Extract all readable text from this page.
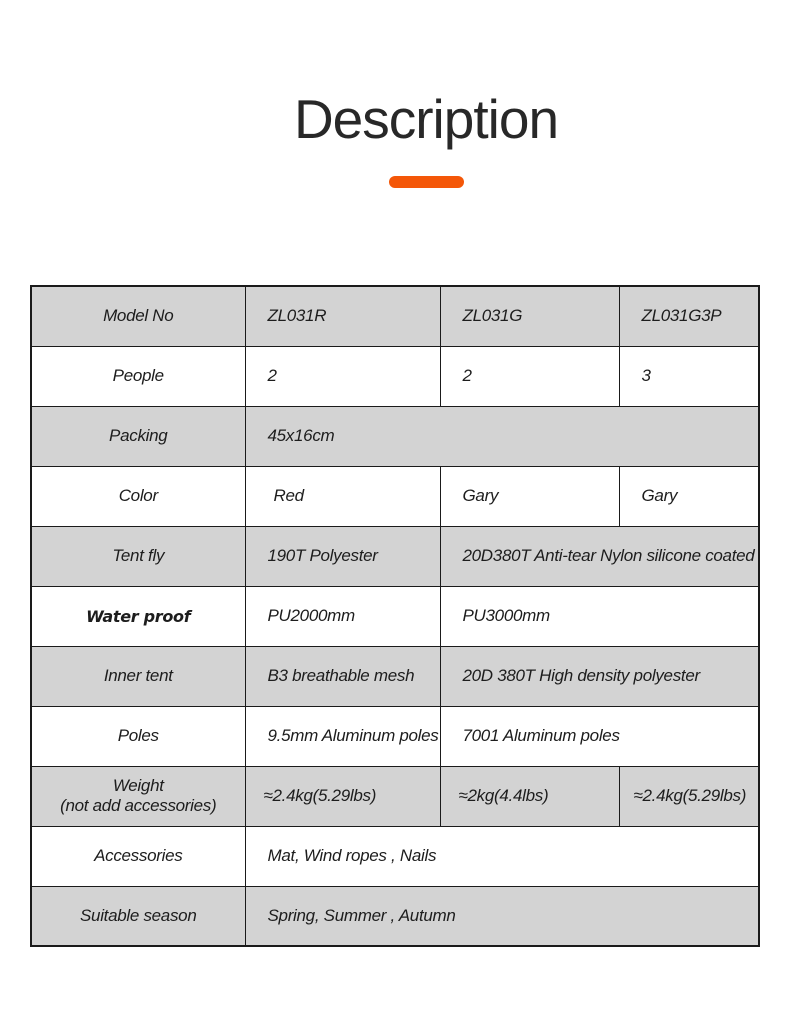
Description
Model No	ZL031R	ZL031G	ZL031G3P
People	2	2	3
Packing	45x16cm		
Color	Red	Gary	Gary
Tent fly	190T Polyester	20D380T Anti-tear Nylon silicone coated	
Water proof	PU2000mm	PU3000mm	
Inner tent	B3 breathable mesh	20D 380T High density polyester	
Poles	9.5mm Aluminum poles	7001 Aluminum poles	

Weight
(not add accessories)	≈2.4kg(5.29lbs)	≈2kg(4.4lbs)	≈2.4kg(5.29lbs)
Accessories	Mat, Wind ropes , Nails		
Suitable season	Spring, Summer , Autumn		
